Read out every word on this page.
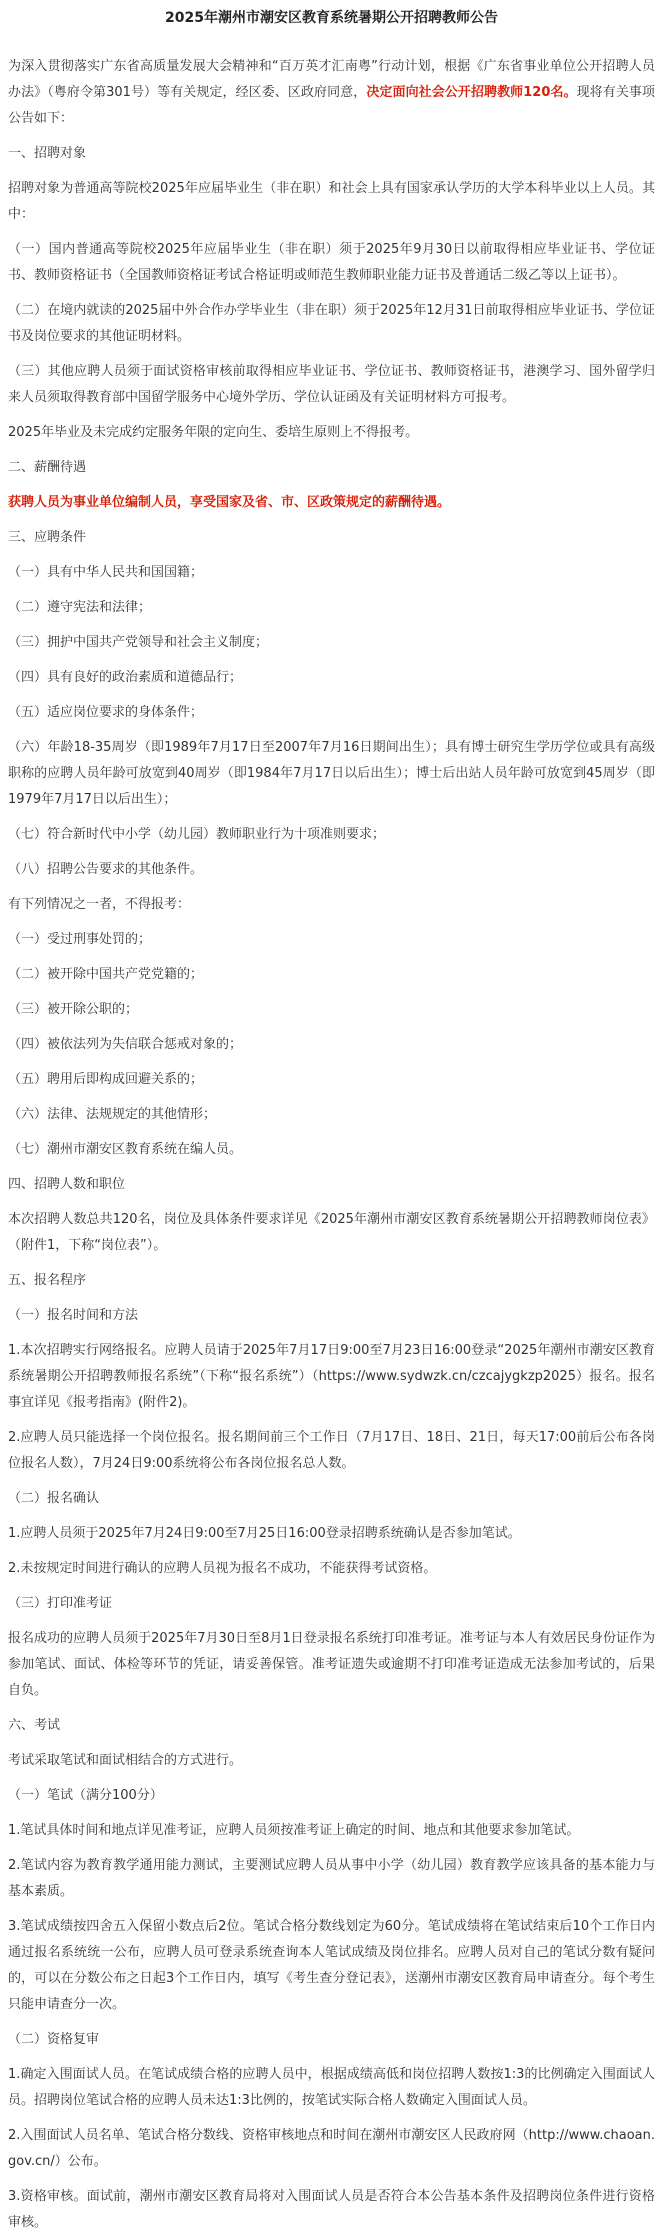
2025年潮州市潮安区教育系统暑期公开招聘教师公告
为深入贯彻落实广东省高质量发展大会精神和“百万英才汇南粤”行动计划，根据《广东省事业单位公开招聘人员办法》（粤府令第301号）等有关规定，经区委、区政府同意，决定面向社会公开招聘教师120名。现将有关事项公告如下：
一、招聘对象
招聘对象为普通高等院校2025年应届毕业生（非在职）和社会上具有国家承认学历的大学本科毕业以上人员。其中：
（一）国内普通高等院校2025年应届毕业生（非在职）须于2025年9月30日以前取得相应毕业证书、学位证书、教师资格证书（全国教师资格证考试合格证明或师范生教师职业能力证书及普通话二级乙等以上证书）。
（二）在境内就读的2025届中外合作办学毕业生（非在职）须于2025年12月31日前取得相应毕业证书、学位证书及岗位要求的其他证明材料。
（三）其他应聘人员须于面试资格审核前取得相应毕业证书、学位证书、教师资格证书，港澳学习、国外留学归来人员须取得教育部中国留学服务中心境外学历、学位认证函及有关证明材料方可报考。
2025年毕业及未完成约定服务年限的定向生、委培生原则上不得报考。
二、薪酬待遇
获聘人员为事业单位编制人员，享受国家及省、市、区政策规定的薪酬待遇。
三、应聘条件
（一）具有中华人民共和国国籍；
（二）遵守宪法和法律；
（三）拥护中国共产党领导和社会主义制度；
（四）具有良好的政治素质和道德品行；
（五）适应岗位要求的身体条件；
（六）年龄18-35周岁（即1989年7月17日至2007年7月16日期间出生）；具有博士研究生学历学位或具有高级职称的应聘人员年龄可放宽到40周岁（即1984年7月17日以后出生）；博士后出站人员年龄可放宽到45周岁（即1979年7月17日以后出生）；
（七）符合新时代中小学（幼儿园）教师职业行为十项准则要求；
（八）招聘公告要求的其他条件。
有下列情况之一者，不得报考：
（一）受过刑事处罚的；
（二）被开除中国共产党党籍的；
（三）被开除公职的；
（四）被依法列为失信联合惩戒对象的；
（五）聘用后即构成回避关系的；
（六）法律、法规规定的其他情形；
（七）潮州市潮安区教育系统在编人员。
四、招聘人数和职位
本次招聘人数总共120名，岗位及具体条件要求详见《2025年潮州市潮安区教育系统暑期公开招聘教师岗位表》（附件1，下称“岗位表”）。
五、报名程序
（一）报名时间和方法
1.本次招聘实行网络报名。应聘人员请于2025年7月17日9:00至7月23日16:00登录“2025年潮州市潮安区教育系统暑期公开招聘教师报名系统”（下称“报名系统”）（https://www.sydwzk.cn/czcajygkzp2025）报名。报名事宜详见《报考指南》(附件2)。
2.应聘人员只能选择一个岗位报名。报名期间前三个工作日（7月17日、18日、21日，每天17:00前后公布各岗位报名人数），7月24日9:00系统将公布各岗位报名总人数。
（二）报名确认
1.应聘人员须于2025年7月24日9:00至7月25日16:00登录招聘系统确认是否参加笔试。
2.未按规定时间进行确认的应聘人员视为报名不成功，不能获得考试资格。
（三）打印准考证
报名成功的应聘人员须于2025年7月30日至8月1日登录报名系统打印准考证。准考证与本人有效居民身份证作为参加笔试、面试、体检等环节的凭证，请妥善保管。准考证遗失或逾期不打印准考证造成无法参加考试的，后果自负。
六、考试
考试采取笔试和面试相结合的方式进行。
（一）笔试（满分100分）
1.笔试具体时间和地点详见准考证，应聘人员须按准考证上确定的时间、地点和其他要求参加笔试。
2.笔试内容为教育教学通用能力测试，主要测试应聘人员从事中小学（幼儿园）教育教学应该具备的基本能力与基本素质。
3.笔试成绩按四舍五入保留小数点后2位。笔试合格分数线划定为60分。笔试成绩将在笔试结束后10个工作日内通过报名系统统一公布，应聘人员可登录系统查询本人笔试成绩及岗位排名。应聘人员对自己的笔试分数有疑问的，可以在分数公布之日起3个工作日内，填写《考生查分登记表》，送潮州市潮安区教育局申请查分。每个考生只能申请查分一次。
（二）资格复审
1.确定入围面试人员。在笔试成绩合格的应聘人员中，根据成绩高低和岗位招聘人数按1:3的比例确定入围面试人员。招聘岗位笔试合格的应聘人员未达1:3比例的，按笔试实际合格人数确定入围面试人员。
2.入围面试人员名单、笔试合格分数线、资格审核地点和时间在潮州市潮安区人民政府网（http://www.chaoan.gov.cn/）公布。
3.资格审核。面试前，潮州市潮安区教育局将对入围面试人员是否符合本公告基本条件及招聘岗位条件进行资格审核。
